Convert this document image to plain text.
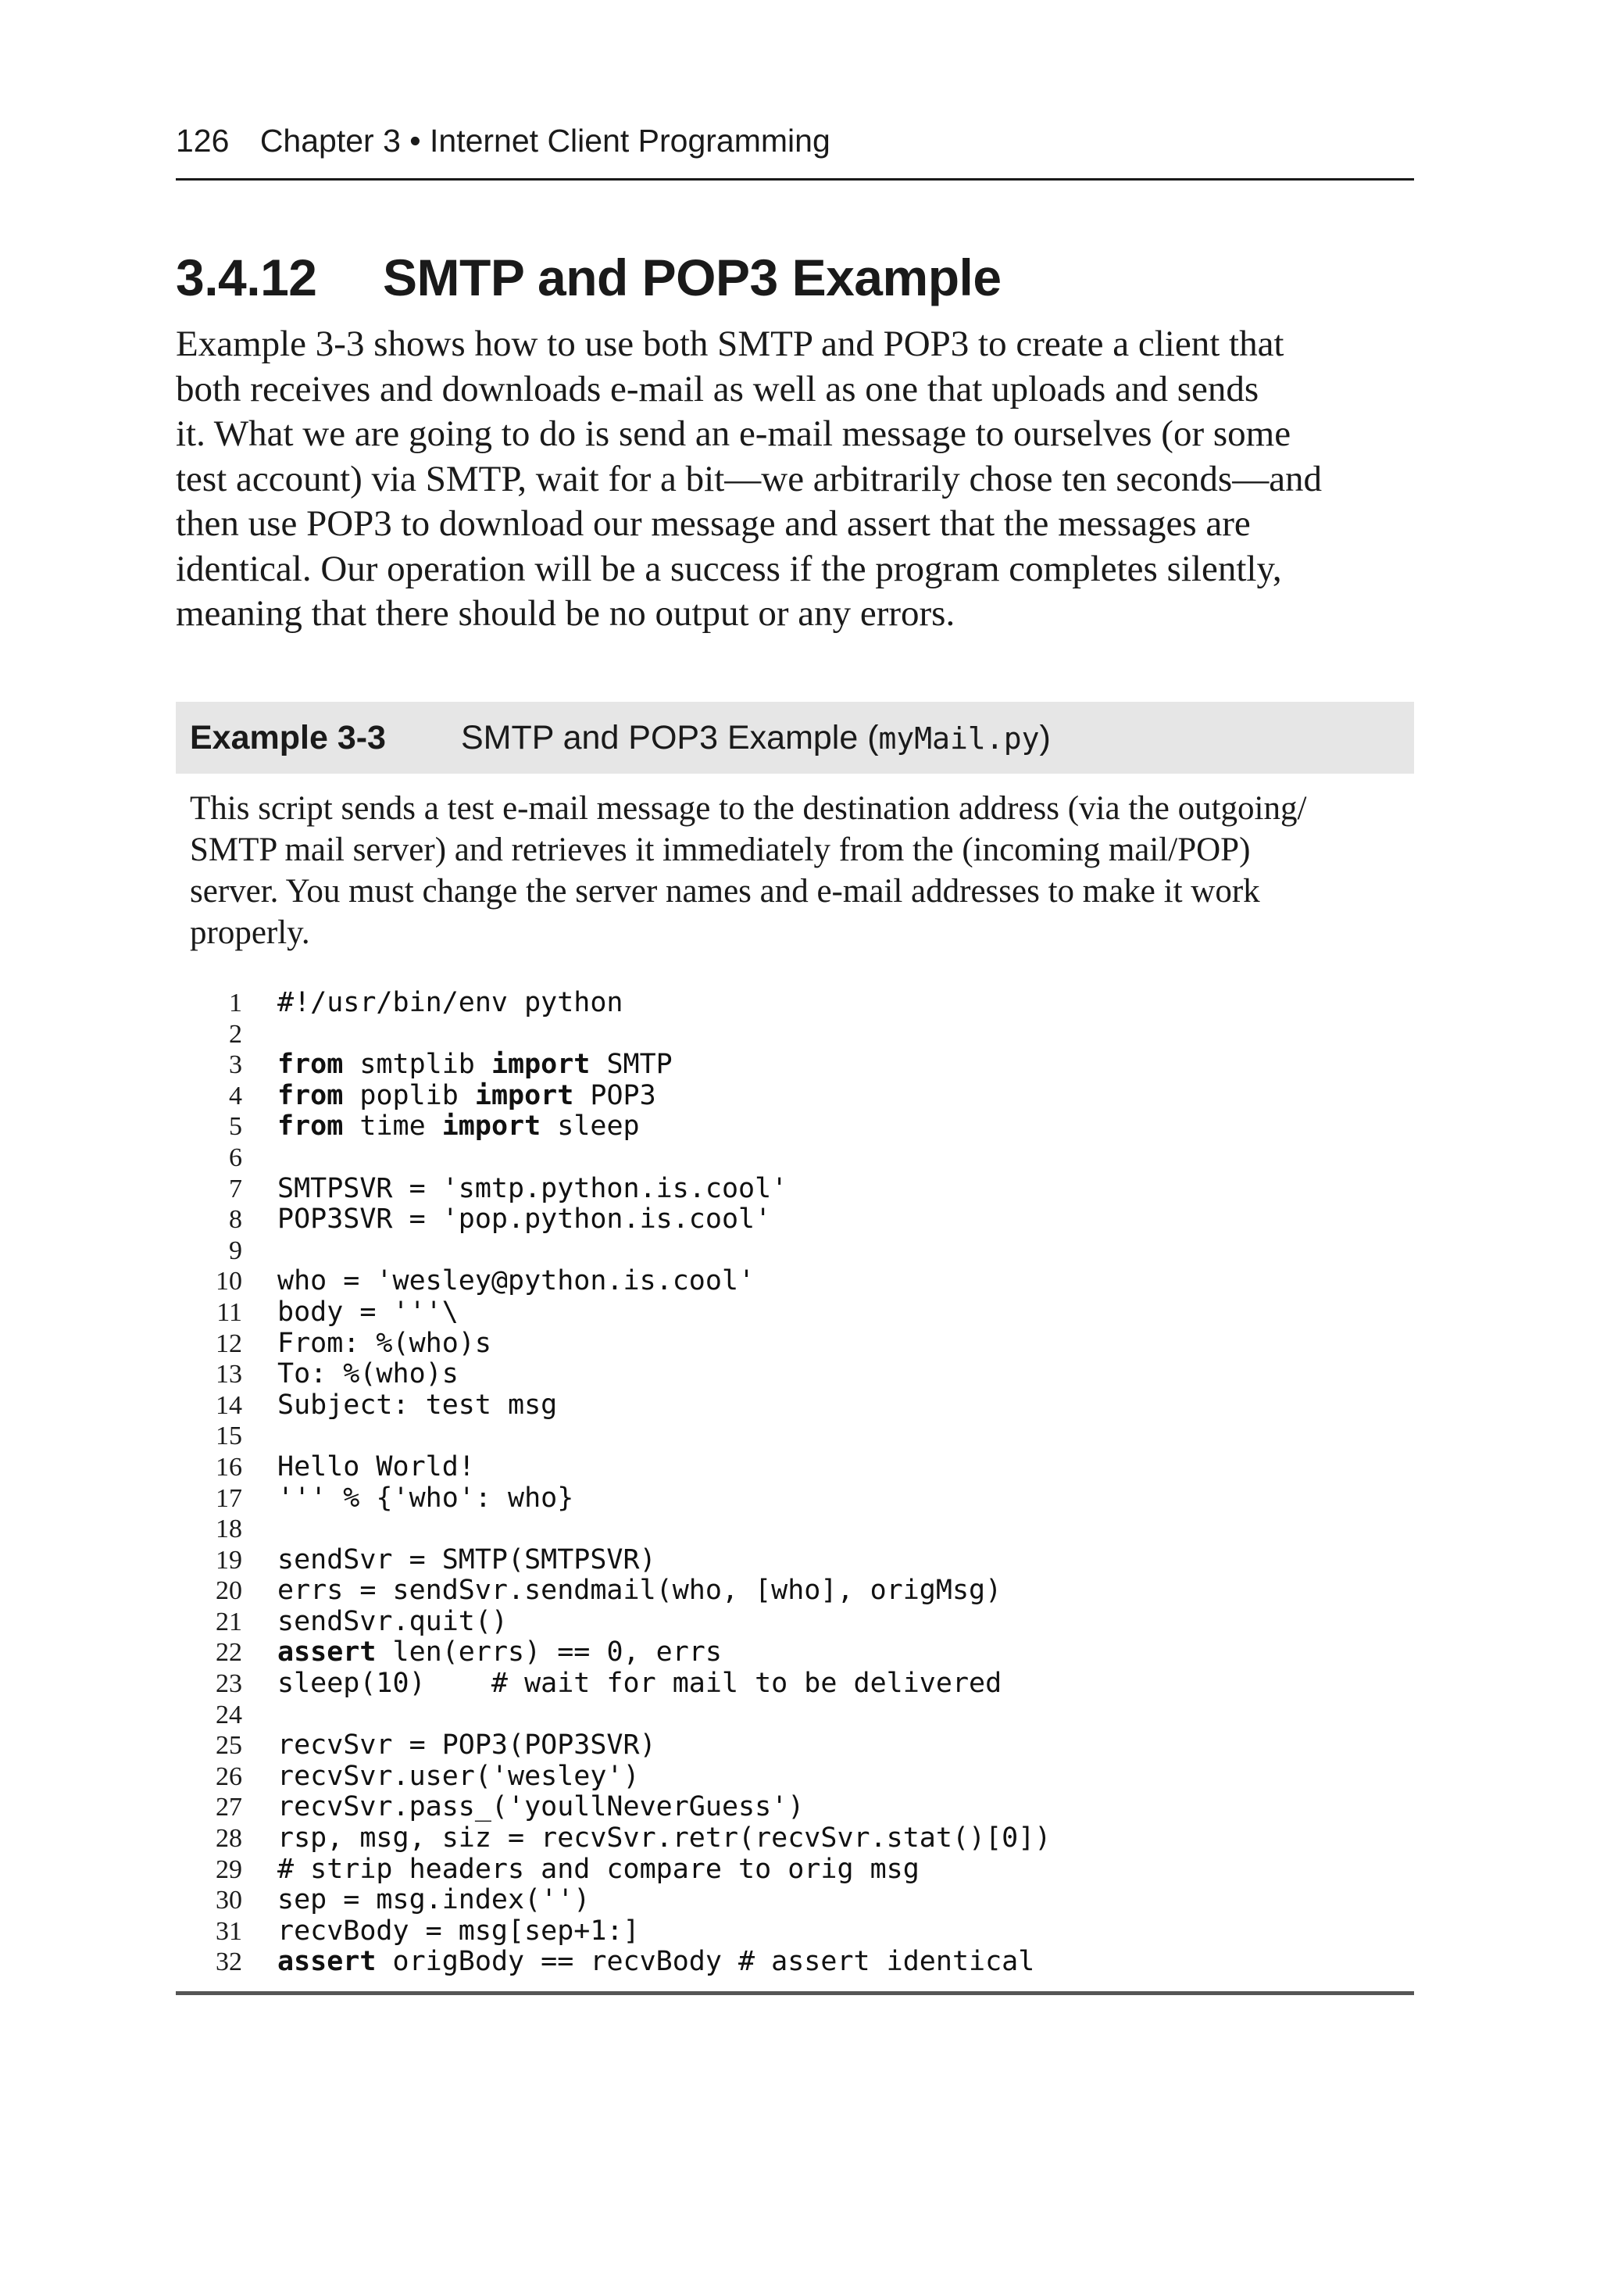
126 Chapter 3 • Internet Client Programming
3.4.12 SMTP and POP3 Example
Example 3-3 shows how to use both SMTP and POP3 to create a client that
both receives and downloads e-mail as well as one that uploads and sends
it. What we are going to do is send an e-mail message to ourselves (or some
test account) via SMTP, wait for a bit—we arbitrarily chose ten seconds—and
then use POP3 to download our message and assert that the messages are
identical. Our operation will be a success if the program completes silently,
meaning that there should be no output or any errors.
Example 3-3 SMTP and POP3 Example (myMail.py)
This script sends a test e-mail message to the destination address (via the outgoing/
SMTP mail server) and retrieves it immediately from the (incoming mail/POP)
server. You must change the server names and e-mail addresses to make it work
properly.
1 #!/usr/bin/env python
2
3 from smtplib import SMTP
4 from poplib import POP3
5 from time import sleep
6
7 SMTPSVR = 'smtp.python.is.cool'
8 POP3SVR = 'pop.python.is.cool'
9
10 who = 'wesley@python.is.cool'
11 body = '''\
12 From: %(who)s
13 To: %(who)s
14 Subject: test msg
15
16 Hello World!
17 ''' % {'who': who}
18
19 sendSvr = SMTP(SMTPSVR)
20 errs = sendSvr.sendmail(who, [who], origMsg)
21 sendSvr.quit()
22 assert len(errs) == 0, errs
23 sleep(10)    # wait for mail to be delivered
24
25 recvSvr = POP3(POP3SVR)
26 recvSvr.user('wesley')
27 recvSvr.pass_('youllNeverGuess')
28 rsp, msg, siz = recvSvr.retr(recvSvr.stat()[0])
29 # strip headers and compare to orig msg
30 sep = msg.index('')
31 recvBody = msg[sep+1:]
32 assert origBody == recvBody # assert identical
